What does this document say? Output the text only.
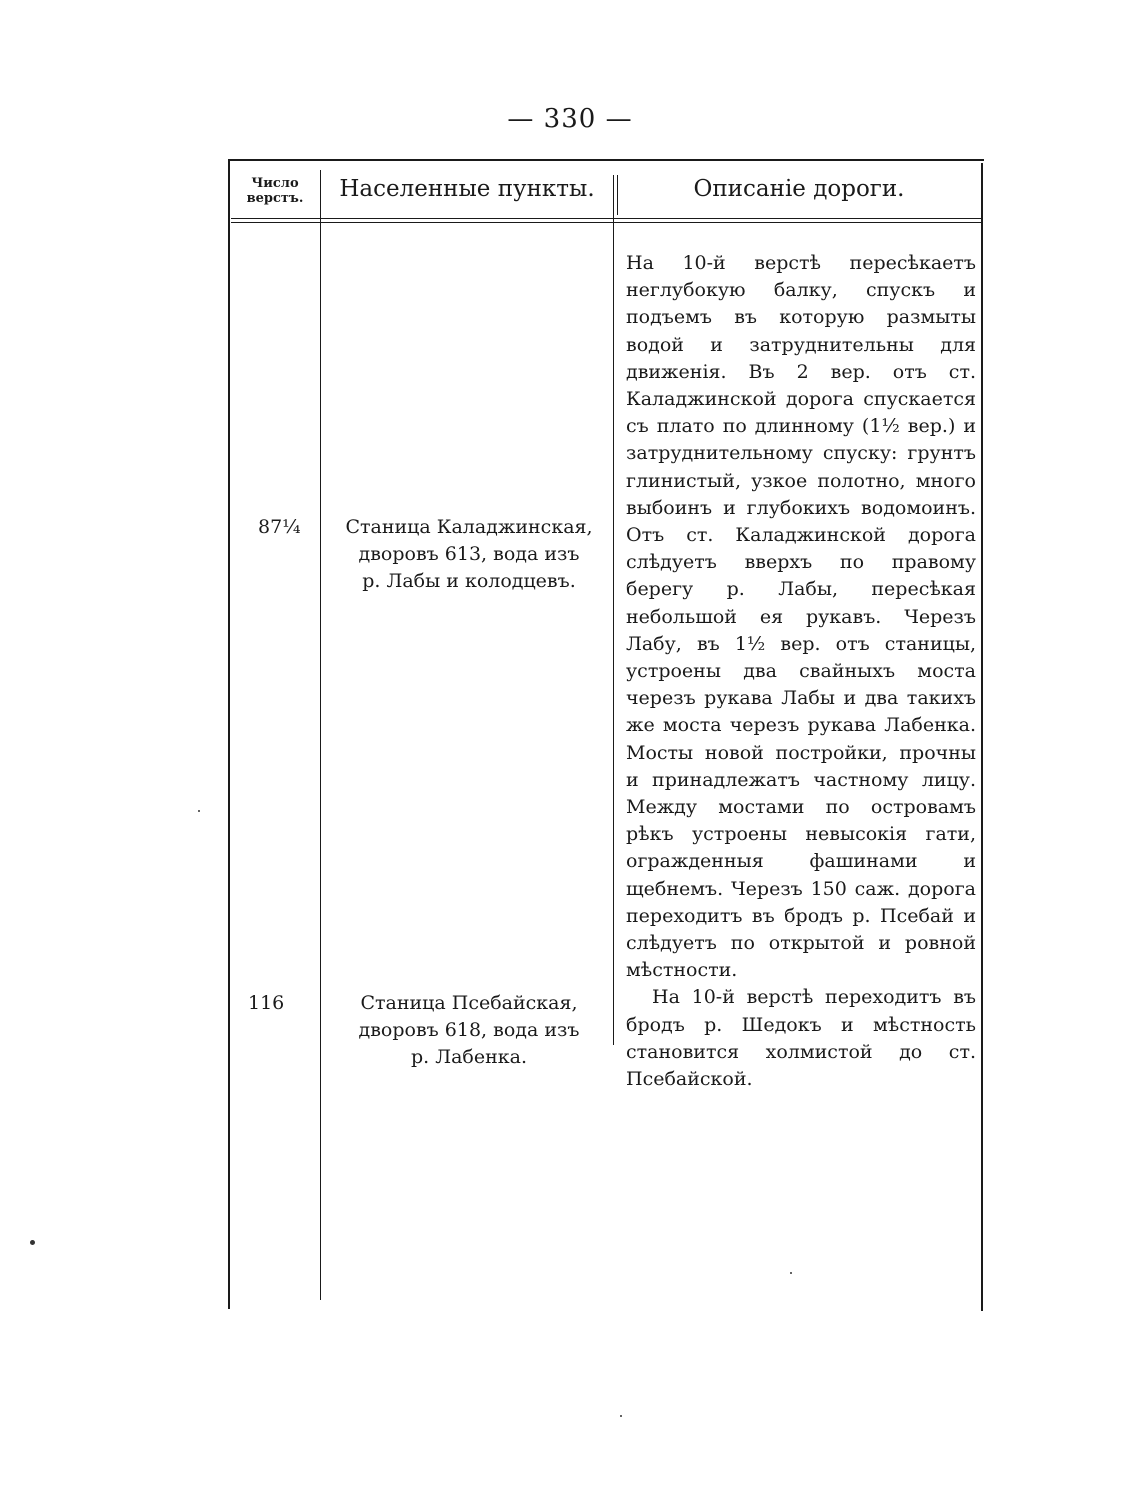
— 330 —
Число
верстъ.	Населенные пункты.	Описаніе дороги.
87¼	Станица Каладжинская,
дворовъ 613, вода изъ
р. Лабы и колодцевъ.
116	Станица Псебайская,
дворовъ 618, вода изъ
р. Лабенка.

На 10-й верстѣ пересѣкаетъ неглубокую балку, спускъ и подъемъ въ которую размыты водой и затруднительны для движенія. Въ 2 вер. отъ ст. Каладжинской дорога спускается съ плато по длинному (1½ вер.) и затруднительному спуску: грунтъ глинистый, узкое полотно, много выбоинъ и глубокихъ водомоинъ. Отъ ст. Каладжинской дорога слѣдуетъ вверхъ по правому берегу р. Лабы, пересѣкая небольшой ея рукавъ. Черезъ Лабу, въ 1½ вер. отъ станицы, устроены два свайныхъ моста черезъ рукава Лабы и два такихъ же моста черезъ рукава Лабенка. Мосты новой постройки, прочны и принадлежатъ частному лицу. Между мостами по островамъ рѣкъ устроены невысокія гати, огражденныя фашинами и щебнемъ. Черезъ 150 саж. дорога переходитъ въ бродъ р. Псебай и слѣдуетъ по открытой и ровной мѣстности.

На 10-й верстѣ переходитъ въ бродъ р. Шедокъ и мѣстность становится холмистой до ст. Псебайской.
